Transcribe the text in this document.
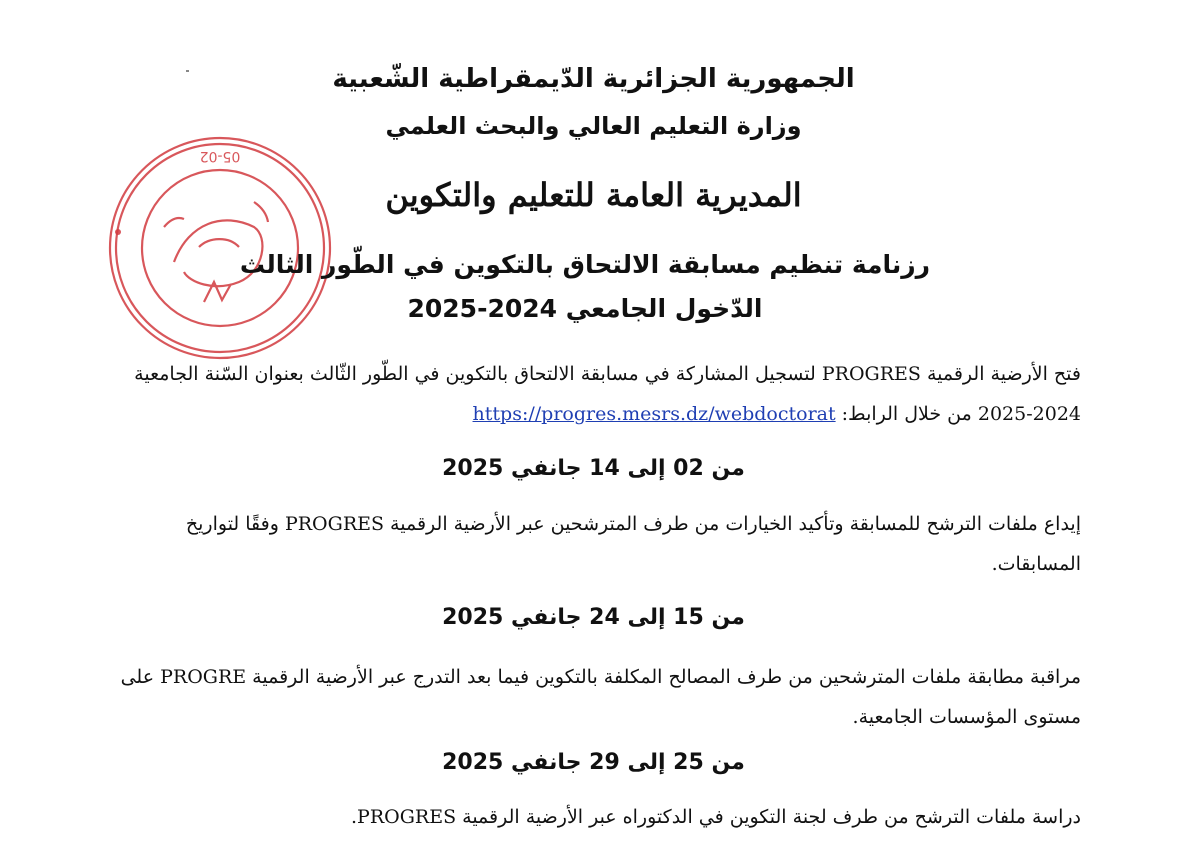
الجمهورية الجزائرية الدّيمقراطية الشّعبية
وزارة التعليم العالي والبحث العلمي
المديرية العامة للتعليم والتكوين
05-02
رزنامة تنظيم مسابقة الالتحاق بالتكوين في الطّور الثالث
الدّخول الجامعي 2024-2025
فتح الأرضية الرقمية PROGRES لتسجيل المشاركة في مسابقة الالتحاق بالتكوين في الطّور الثّالث بعنوان السّنة الجامعية 2024-2025 من خلال الرابط: https://progres.mesrs.dz/webdoctorat
من 02 إلى 14 جانفي 2025
إيداع ملفات الترشح للمسابقة وتأكيد الخيارات من طرف المترشحين عبر الأرضية الرقمية PROGRES وفقًا لتواريخ المسابقات.
من 15 إلى 24 جانفي 2025
مراقبة مطابقة ملفات المترشحين من طرف المصالح المكلفة بالتكوين فيما بعد التدرج عبر الأرضية الرقمية PROGRE على مستوى المؤسسات الجامعية.
من 25 إلى 29 جانفي 2025
دراسة ملفات الترشح من طرف لجنة التكوين في الدكتوراه عبر الأرضية الرقمية PROGRES.
